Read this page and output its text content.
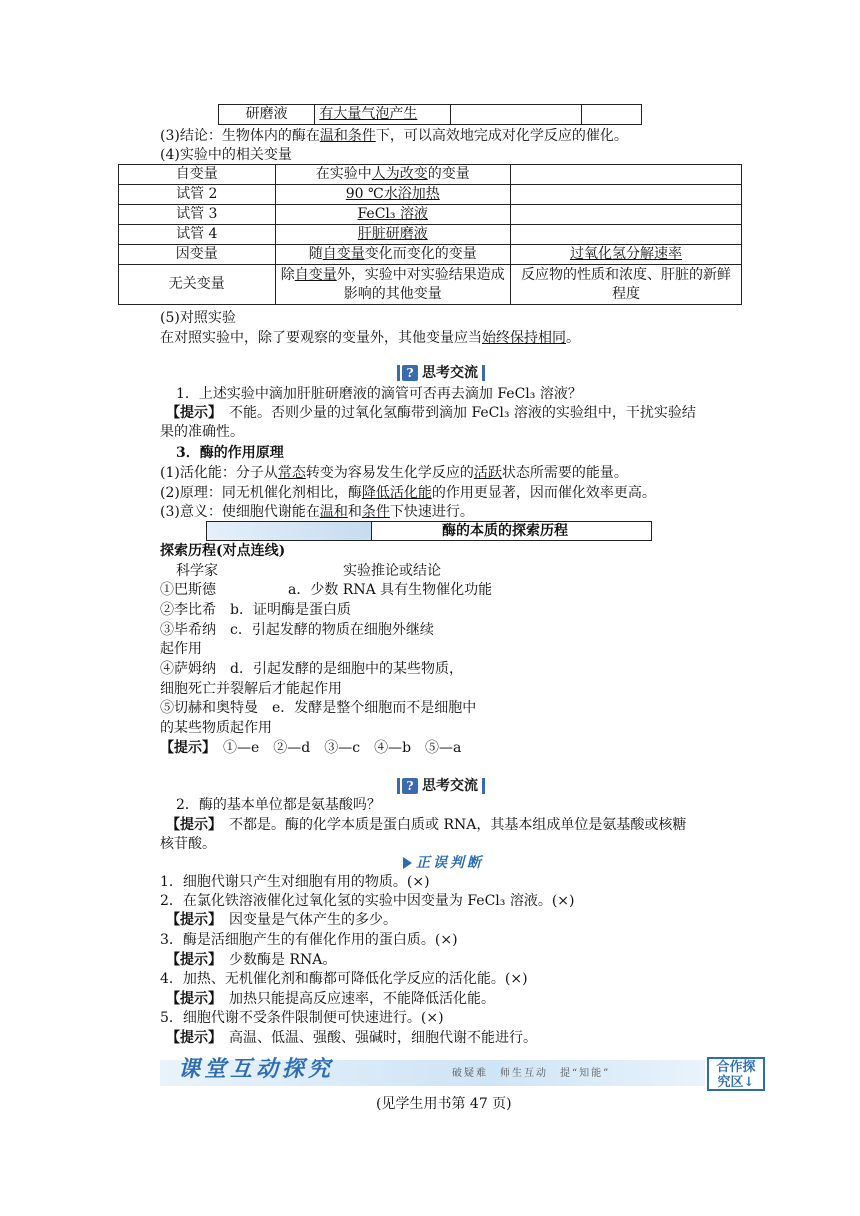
研磨液	有大量气泡产生		
(3)结论：生物体内的酶在温和条件下，可以高效地完成对化学反应的催化。
(4)实验中的相关变量
自变量	在实验中人为改变的变量	
试管 2	90 ℃水浴加热	
试管 3	FeCl₃ 溶液	
试管 4	肝脏研磨液	
因变量	随自变量变化而变化的变量	过氧化氢分解速率
无关变量	除自变量外，实验中对实验结果造成影响的其他变量	反应物的性质和浓度、肝脏的新鲜程度
(5)对照实验
在对照实验中，除了要观察的变量外，其他变量应当始终保持相同。
? 思考交流
1．上述实验中滴加肝脏研磨液的滴管可否再去滴加 FeCl₃ 溶液？
【提示】　 不能。否则少量的过氧化氢酶带到滴加 FeCl₃ 溶液的实验组中，干扰实验结
果的准确性。
3．酶的作用原理
(1)活化能：分子从常态转变为容易发生化学反应的活跃状态所需要的能量。
(2)原理：同无机催化剂相比，酶降低活化能的作用更显著，因而催化效率更高。
(3)意义：使细胞代谢能在温和和条件下快速进行。
酶的本质的探索历程
探索历程(对点连线)
科学家	实验推论或结论
①巴斯德	a．少数 RNA 具有生物催化功能
②李比希　b．证明酶是蛋白质
③毕希纳　c．引起发酵的物质在细胞外继续
起作用
④萨姆纳　d．引起发酵的是细胞中的某些物质，
细胞死亡并裂解后才能起作用
⑤切赫和奥特曼　e．发酵是整个细胞而不是细胞中
的某些物质起作用
【提示】　 ①—e　②—d　③—c　④—b　⑤—a
? 思考交流
2．酶的基本单位都是氨基酸吗？
【提示】　 不都是。酶的化学本质是蛋白质或 RNA，其基本组成单位是氨基酸或核糖
核苷酸。
正误判断
1．细胞代谢只产生对细胞有用的物质。(×)
2．在氯化铁溶液催化过氧化氢的实验中因变量为 FeCl₃ 溶液。(×)
【提示】　 因变量是气体产生的多少。
3．酶是活细胞产生的有催化作用的蛋白质。(×)
【提示】　 少数酶是 RNA。
4．加热、无机催化剂和酶都可降低化学反应的活化能。(×)
【提示】　 加热只能提高反应速率，不能降低活化能。
5．细胞代谢不受条件限制便可快速进行。(×)
【提示】　 高温、低温、强酸、强碱时，细胞代谢不能进行。
课堂互动探究	破疑难　师生互动　提“知能”	合作探
究区↓
(见学生用书第 47 页)
